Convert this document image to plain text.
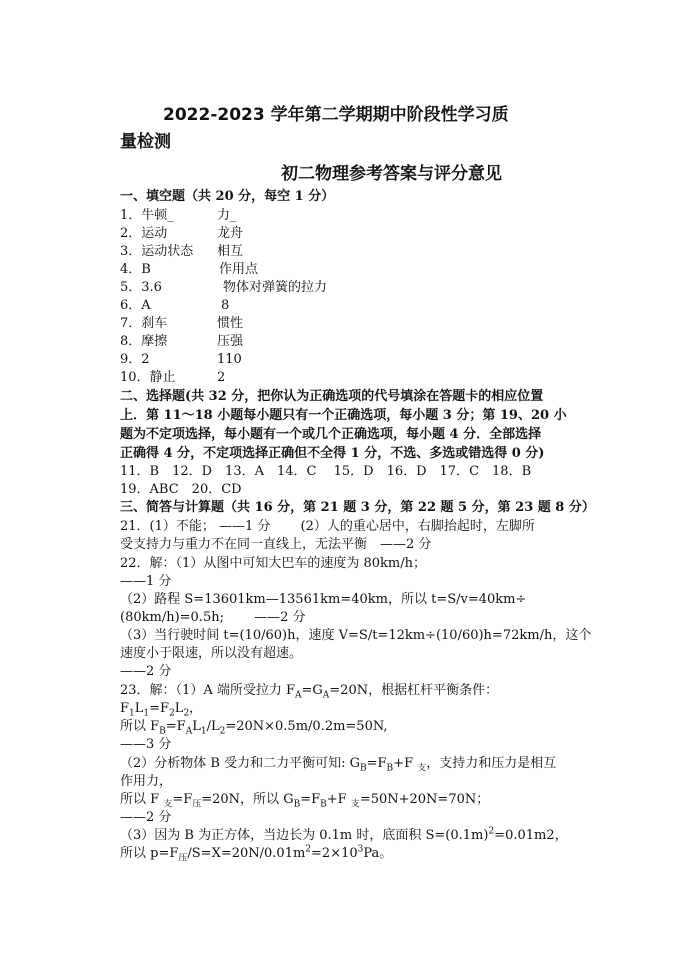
2022-2023 学年第二学期期中阶段性学习质
量检测
初二物理参考答案与评分意见
一、填空题（共 20 分，每空 1 分）
1．牛顿_	力_
2．运动	龙舟
3．运动状态 相互
4．B	作用点
5．3.6	物体对弹簧的拉力
6．A	8
7．刹车	惯性
8．摩擦	压强
9．2	110
10．静止	2
二、选择题(共 32 分，把你认为正确选项的代号填涂在答题卡的相应位置
上．第 11～18 小题每小题只有一个正确选项，每小题 3 分；第 19、20 小
题为不定项选择，每小题有一个或几个正确选项，每小题 4 分．全部选择
正确得 4 分，不定项选择正确但不全得 1 分，不选、多选或错选得 0 分)
11．B　12．D　13．A　14．C　 15．D　16．D　17．C　18．B
19．ABC　20．CD
三、简答与计算题（共 16 分，第 21 题 3 分，第 22 题 5 分，第 23 题 8 分）
21．(1）不能； ——1 分　　 (2）人的重心居中，右脚抬起时，左脚所
受支持力与重力不在同一直线上，无法平衡　——2 分
22．解：（1）从图中可知大巴车的速度为 80km/h；
——1 分
（2）路程 S=13601km—13561km=40km，所以 t=S/v=40km÷
(80km/h)=0.5h;　　 ——2 分
（3）当行驶时间 t=(10/60)h，速度 V=S/t=12km÷(10/60)h=72km/h，这个
速度小于限速，所以没有超速。
——2 分
23．解：（1）A 端所受拉力 $F_A=G_A=20N$，根据杠杆平衡条件：
$F_1L_1=F_2L_2$，
所以 $F_B=F_AL_1/L_2=20N\times 0.5m/0.2m=50N$,
——3 分
（2）分析物体 B 受力和二力平衡可知: $G_B=F_B+F$ $_支$，支持力和压力是相互
作用力，
所以 F $_支=F_压=20N$，所以 $G_B=F_B+F$ $_支$=50N+20N=70N；
——2 分
（3）因为 B 为正方体，当边长为 0.1m 时，底面积 $S=(0.1m)^2=0.01m2$，
所以 $p=F_压/S=X=20N/0.01m^2=2\times 10^3Pa$。
